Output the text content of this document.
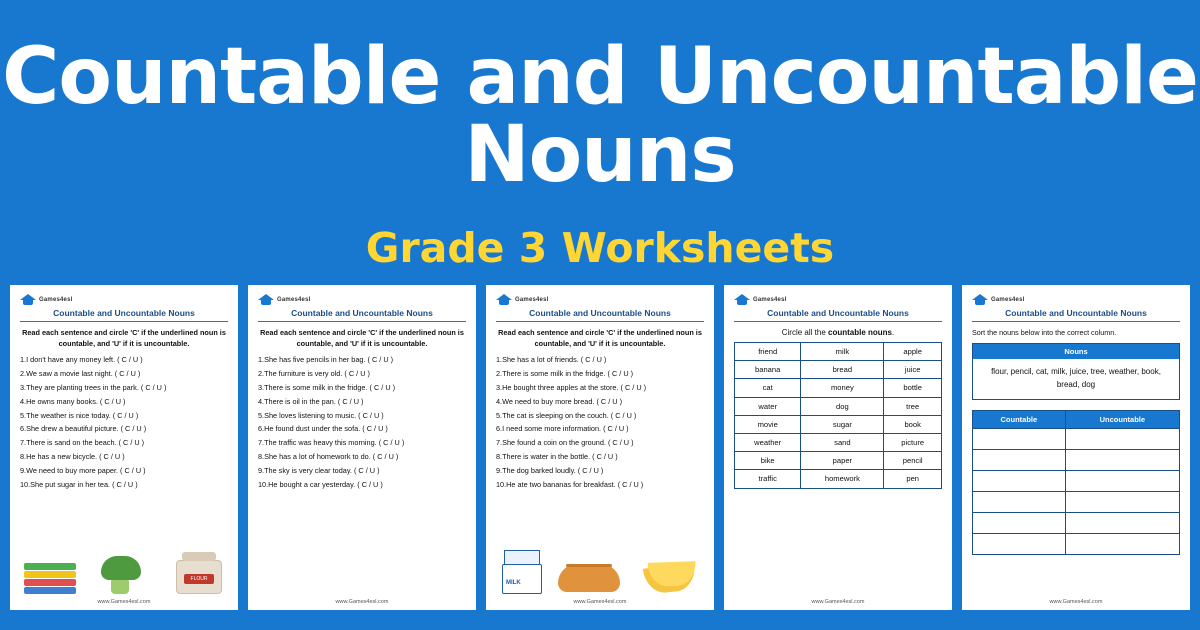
Countable and Uncountable Nouns
Grade 3 Worksheets
Games4esl
Countable and Uncountable Nouns
Read each sentence and circle 'C' if the underlined noun is countable, and 'U' if it is uncountable.
1.I don't have any money left. ( C / U )
2.We saw a movie last night. ( C / U )
3.They are planting trees in the park. ( C / U )
4.He owns many books. ( C / U )
5.The weather is nice today. ( C / U )
6.She drew a beautiful picture. ( C / U )
7.There is sand on the beach. ( C / U )
8.He has a new bicycle. ( C / U )
9.We need to buy more paper. ( C / U )
10.She put sugar in her tea. ( C / U )
FLOUR
www.Games4esl.com
Games4esl
Countable and Uncountable Nouns
Read each sentence and circle 'C' if the underlined noun is countable, and 'U' if it is uncountable.
1.She has five pencils in her bag. ( C / U )
2.The furniture is very old. ( C / U )
3.There is some milk in the fridge. ( C / U )
4.There is oil in the pan. ( C / U )
5.She loves listening to music. ( C / U )
6.He found dust under the sofa. ( C / U )
7.The traffic was heavy this morning. ( C / U )
8.She has a lot of homework to do. ( C / U )
9.The sky is very clear today. ( C / U )
10.He bought a car yesterday. ( C / U )
www.Games4esl.com
Games4esl
Countable and Uncountable Nouns
Read each sentence and circle 'C' if the underlined noun is countable, and 'U' if it is uncountable.
1.She has a lot of friends. ( C / U )
2.There is some milk in the fridge. ( C / U )
3.He bought three apples at the store. ( C / U )
4.We need to buy more bread. ( C / U )
5.The cat is sleeping on the couch. ( C / U )
6.I need some more information. ( C / U )
7.She found a coin on the ground. ( C / U )
8.There is water in the bottle. ( C / U )
9.The dog barked loudly. ( C / U )
10.He ate two bananas for breakfast. ( C / U )
MILK
www.Games4esl.com
Games4esl
Countable and Uncountable Nouns
Circle all the countable nouns.
friend	milk	apple
banana	bread	juice
cat	money	bottle
water	dog	tree
movie	sugar	book
weather	sand	picture
bike	paper	pencil
traffic	homework	pen
www.Games4esl.com
Games4esl
Countable and Uncountable Nouns
Sort the nouns below into the correct column.
Nouns
flour, pencil, cat, milk, juice, tree, weather, book, bread, dog
Countable	Uncountable

www.Games4esl.com
